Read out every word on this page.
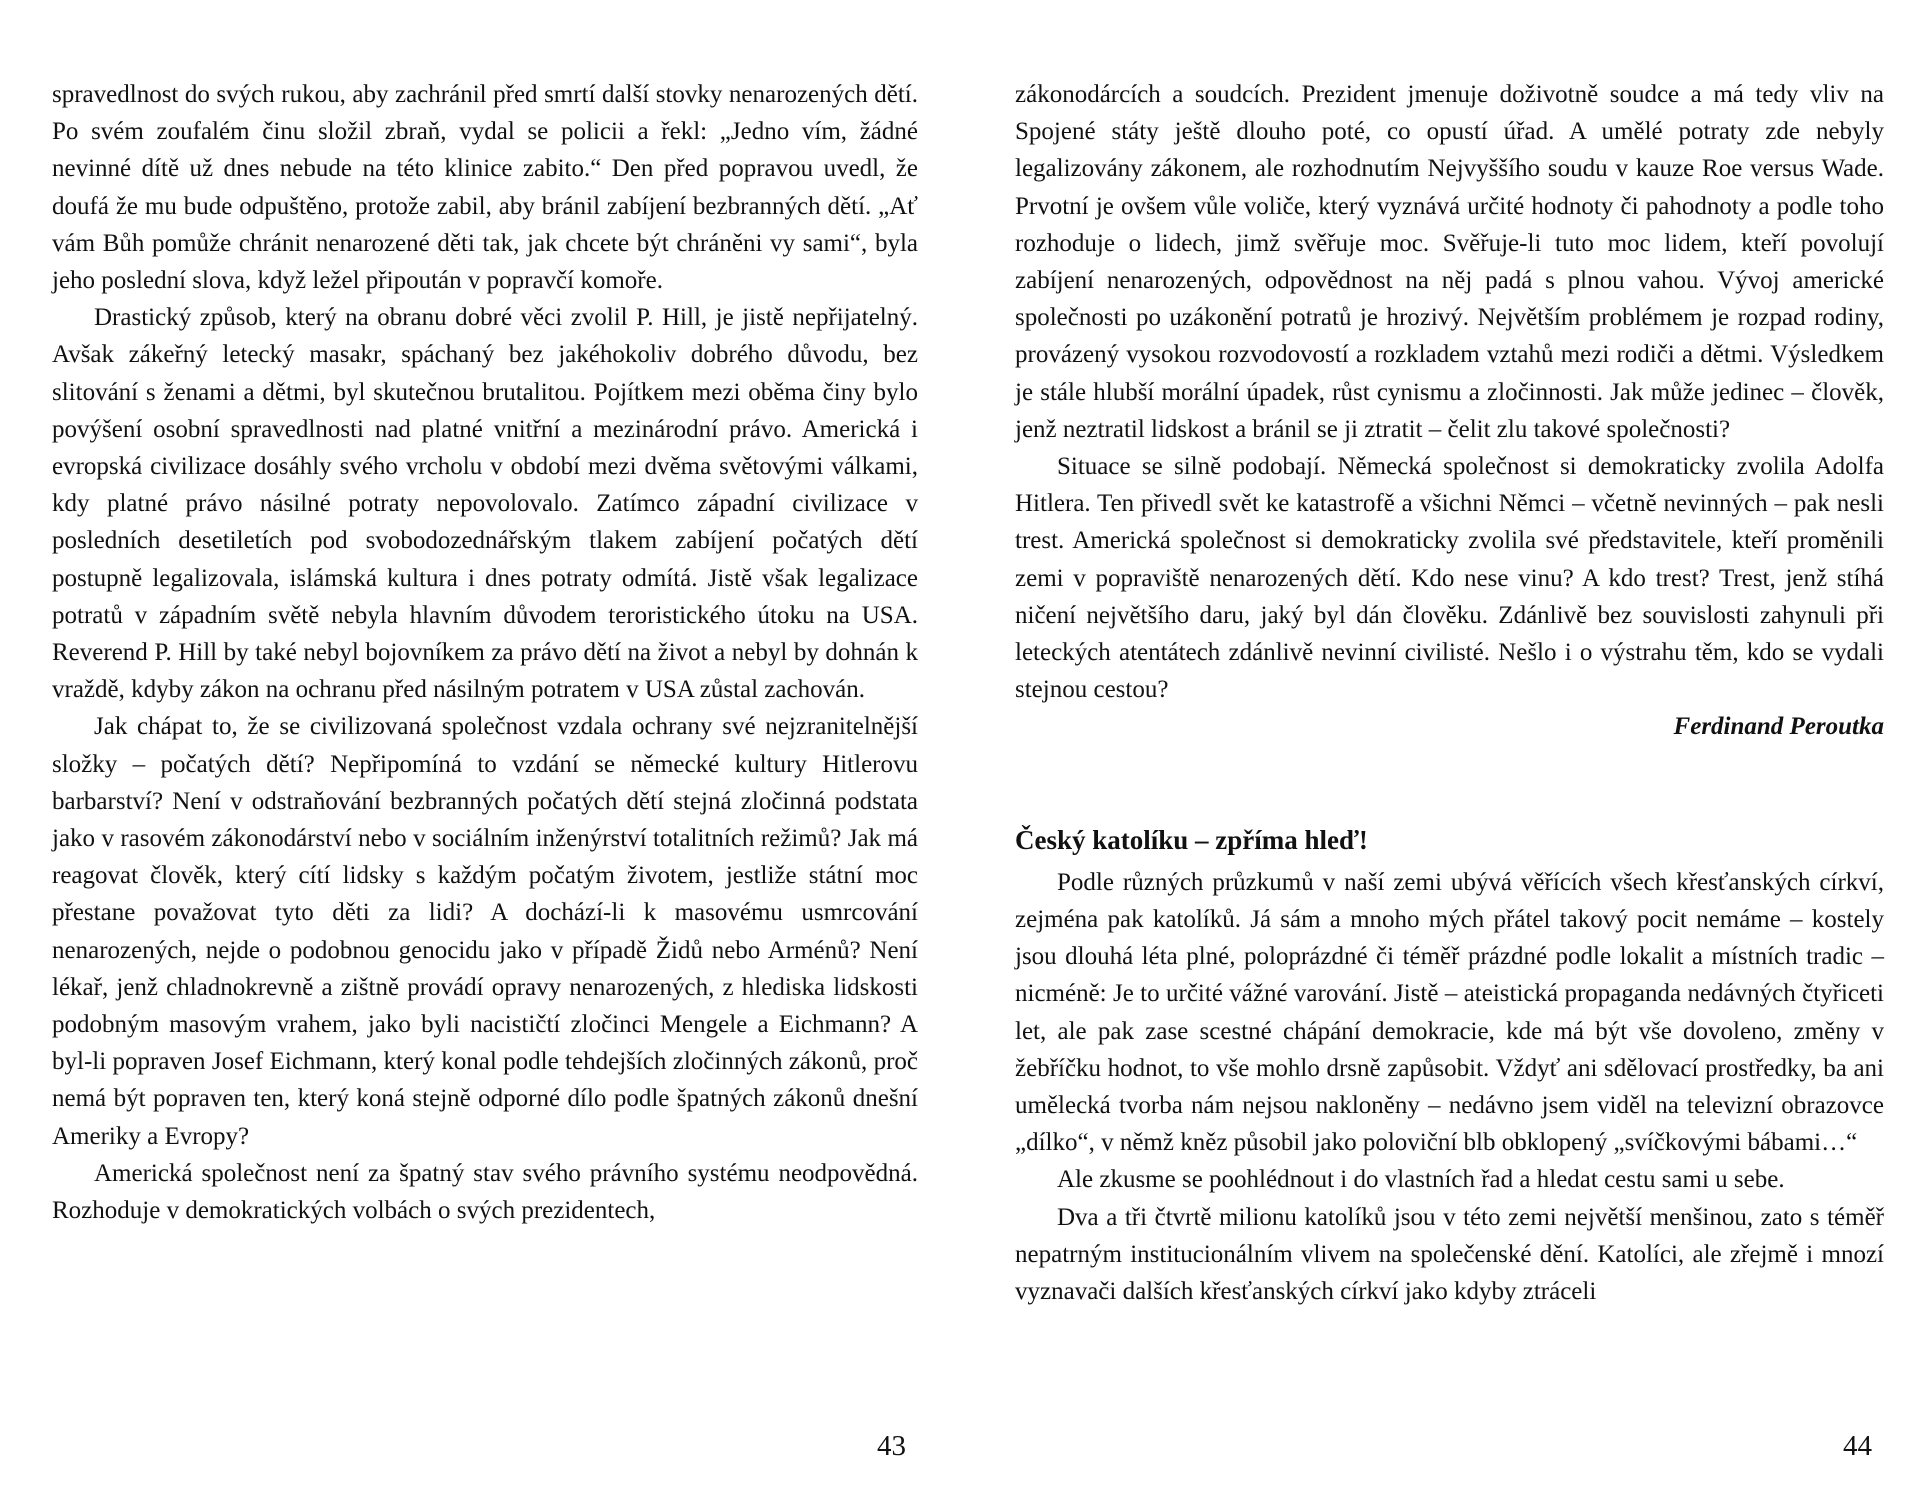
spravedlnost do svých rukou, aby zachránil před smrtí další stovky nenarozených dětí. Po svém zoufalém činu složil zbraň, vydal se policii a řekl: „Jedno vím, žádné nevinné dítě už dnes nebude na této klinice zabito.“ Den před popravou uvedl, že doufá že mu bude odpuštěno, protože zabil, aby bránil zabíjení bezbranných dětí. „Ať vám Bůh pomůže chránit nenarozené děti tak, jak chcete být chráněni vy sami“, byla jeho poslední slova, když ležel připoután v popravčí komoře.

Drastický způsob, který na obranu dobré věci zvolil P. Hill, je jistě nepřijatelný. Avšak zákeřný letecký masakr, spáchaný bez jakéhokoliv dobrého důvodu, bez slitování s ženami a dětmi, byl skutečnou brutalitou. Pojítkem mezi oběma činy bylo povýšení osobní spravedlnosti nad platné vnitřní a mezinárodní právo. Americká i evropská civilizace dosáhly svého vrcholu v období mezi dvěma světovými válkami, kdy platné právo násilné potraty nepovolovalo. Zatímco západní civilizace v posledních desetiletích pod svobodozednářským tlakem zabíjení počatých dětí postupně legalizovala, islámská kultura i dnes potraty odmítá. Jistě však legalizace potratů v západním světě nebyla hlavním důvodem teroristického útoku na USA. Reverend P. Hill by také nebyl bojovníkem za právo dětí na život a nebyl by dohnán k vraždě, kdyby zákon na ochranu před násilným potratem v USA zůstal zachován.

Jak chápat to, že se civilizovaná společnost vzdala ochrany své nejzranitelnější složky – počatých dětí? Nepřipomíná to vzdání se německé kultury Hitlerovu barbarství? Není v odstraňování bezbranných počatých dětí stejná zločinná podstata jako v rasovém zákonodárství nebo v sociálním inženýrství totalitních režimů? Jak má reagovat člověk, který cítí lidsky s každým počatým životem, jestliže státní moc přestane považovat tyto děti za lidi? A dochází-li k masovému usmrcování nenarozených, nejde o podobnou genocidu jako v případě Židů nebo Arménů? Není lékař, jenž chladnokrevně a zištně provádí opravy nenarozených, z hlediska lidskosti podobným masovým vrahem, jako byli nacističtí zločinci Mengele a Eichmann? A byl-li popraven Josef Eichmann, který konal podle tehdejších zločinných zákonů, proč nemá být popraven ten, který koná stejně odporné dílo podle špatných zákonů dnešní Ameriky a Evropy?

Americká společnost není za špatný stav svého právního systému neodpovědná. Rozhoduje v demokratických volbách o svých prezidentech,

43

zákonodárcích a soudcích. Prezident jmenuje doživotně soudce a má tedy vliv na Spojené státy ještě dlouho poté, co opustí úřad. A umělé potraty zde nebyly legalizovány zákonem, ale rozhodnutím Nejvyššího soudu v kauze Roe versus Wade. Prvotní je ovšem vůle voliče, který vyznává určité hodnoty či pahodnoty a podle toho rozhoduje o lidech, jimž svěřuje moc. Svěřuje-li tuto moc lidem, kteří povolují zabíjení nenarozených, odpovědnost na něj padá s plnou vahou. Vývoj americké společnosti po uzákonění potratů je hrozivý. Největším problémem je rozpad rodiny, provázený vysokou rozvodovostí a rozkladem vztahů mezi rodiči a dětmi. Výsledkem je stále hlubší morální úpadek, růst cynismu a zločinnosti. Jak může jedinec – člověk, jenž neztratil lidskost a bránil se ji ztratit – čelit zlu takové společnosti?

Situace se silně podobají. Německá společnost si demokraticky zvolila Adolfa Hitlera. Ten přivedl svět ke katastrofě a všichni Němci – včetně nevinných – pak nesli trest. Americká společnost si demokraticky zvolila své představitele, kteří proměnili zemi v popraviště nenarozených dětí. Kdo nese vinu? A kdo trest? Trest, jenž stíhá ničení největšího daru, jaký byl dán člověku. Zdánlivě bez souvislosti zahynuli při leteckých atentátech zdánlivě nevinní civilisté. Nešlo i o výstrahu těm, kdo se vydali stejnou cestou?

Ferdinand Peroutka

Český katolíku – zpříma hleď!

Podle různých průzkumů v naší zemi ubývá věřících všech křesťanských církví, zejména pak katolíků. Já sám a mnoho mých přátel takový pocit nemáme – kostely jsou dlouhá léta plné, poloprázdné či téměř prázdné podle lokalit a místních tradic – nicméně: Je to určité vážné varování. Jistě – ateistická propaganda nedávných čtyřiceti let, ale pak zase scestné chápání demokracie, kde má být vše dovoleno, změny v žebříčku hodnot, to vše mohlo drsně zapůsobit. Vždyť ani sdělovací prostředky, ba ani umělecká tvorba nám nejsou nakloněny – nedávno jsem viděl na televizní obrazovce „dílko“, v němž kněz působil jako poloviční blb obklopený „svíčkovými bábami…“

Ale zkusme se poohlédnout i do vlastních řad a hledat cestu sami u sebe.

Dva a tři čtvrtě milionu katolíků jsou v této zemi největší menšinou, zato s téměř nepatrným institucionálním vlivem na společenské dění. Katolíci, ale zřejmě i mnozí vyznavači dalších křesťanských církví jako kdyby ztráceli

44
